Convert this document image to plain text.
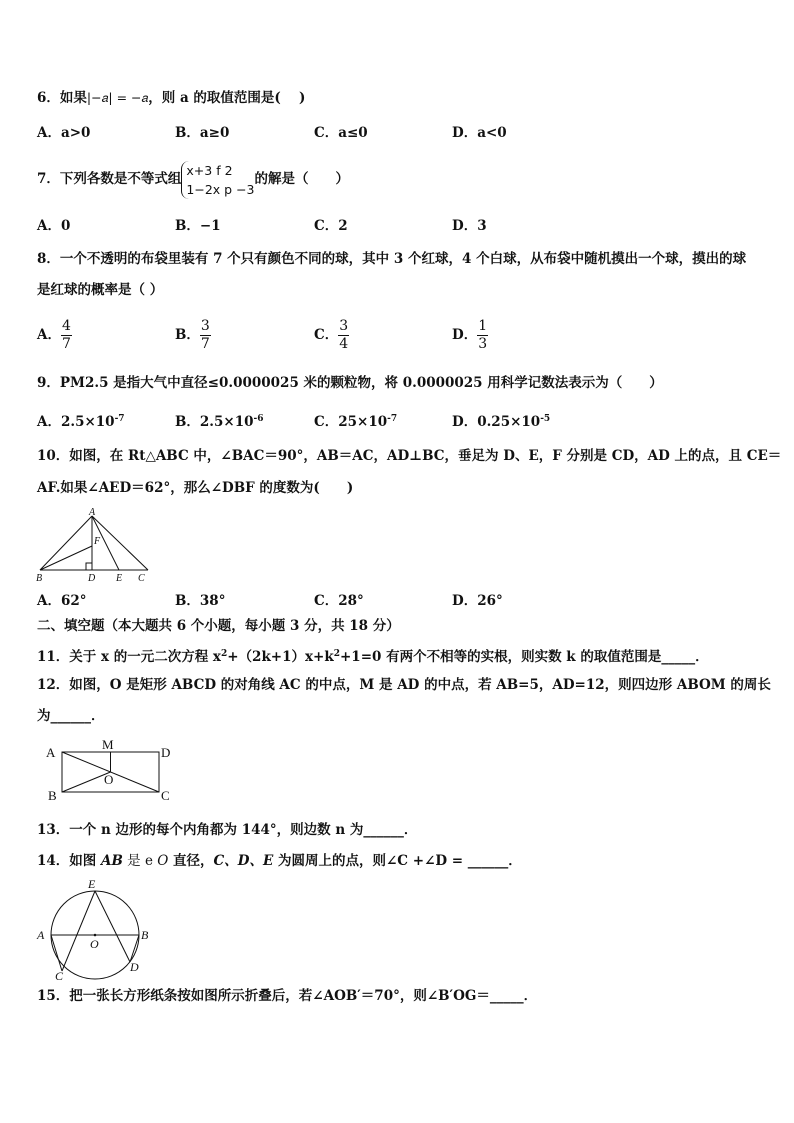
6．如果|−𝑎| = −𝑎，则 a 的取值范围是(　 )
A．a>0	B．a≥0	C．a≤0	D．a<0
7．下列各数是不等式组
x+3 f 2
1−2x p −3
的解是（　　）
A．0	B．−1	C．2	D．3
8．一个不透明的布袋里装有 7 个只有颜色不同的球，其中 3 个红球，4 个白球，从布袋中随机摸出一个球，摸出的球
是红球的概率是（ ）
A． $\frac{4}{7}$	B． $\frac{3}{7}$	C． $\frac{3}{4}$	D． $\frac{1}{3}$
9．PM2.5 是指大气中直径≤0.0000025 米的颗粒物，将 0.0000025 用科学记数法表示为（　　）
A．$2.5\times 10^{-7}$	B．$2.5\times 10^{-6}$	C．$25\times 10^{-7}$	D．$0.25\times 10^{-5}$
10．如图，在 Rt△ABC 中，∠BAC＝90°，AB＝AC，AD⊥BC，垂足为 D、E，F 分别是 CD，AD 上的点，且 CE＝
AF.如果∠AED＝62°，那么∠DBF 的度数为(　　)
A
B	D E C
F
A．62°	B．38°	C．28°	D．26°
二、填空题（本大题共 6 个小题，每小题 3 分，共 18 分）
11．关于 x 的一元二次方程 $x^2+(2k+1)x+k^2+1=0$ 有两个不相等的实根，则实数 k 的取值范围是_____．
12．如图，O 是矩形 ABCD 的对角线 AC 的中点，M 是 AD 的中点，若 AB=5，AD=12，则四边形 ABOM 的周长
为______．
A
M
D
O
B	C
13．一个 n 边形的每个内角都为 144°，则边数 n 为______．
14．如图 AB 是 e O 直径，C、D、E 为圆周上的点，则∠C +∠D = ______．
E
A
O
B
C
D
15．把一张长方形纸条按如图所示折叠后，若∠AOB′＝70°，则∠B′OG＝_____．
